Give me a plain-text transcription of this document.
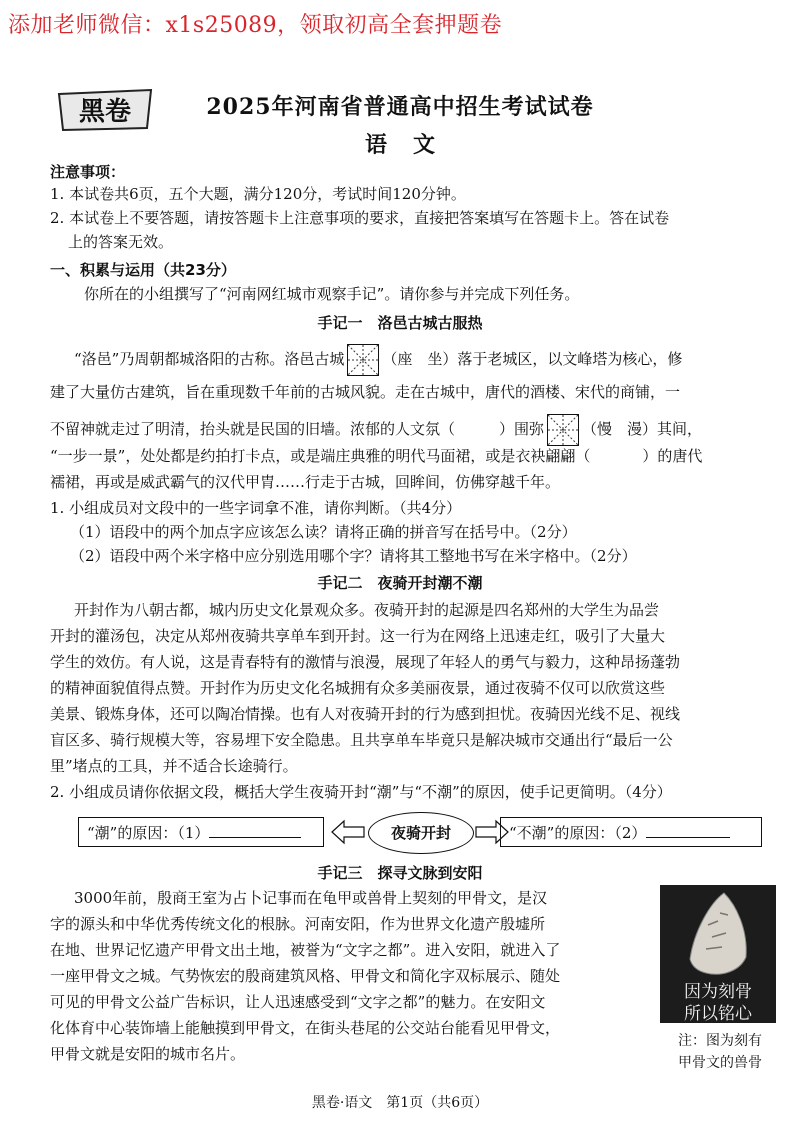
添加老师微信：x1s25089，领取初高全套押题卷
黑卷	2025年河南省普通高中招生考试试卷
语文
注意事项：
1. 本试卷共6页，五个大题，满分120分，考试时间120分钟。
2. 本试卷上不要答题，请按答题卡上注意事项的要求，直接把答案填写在答题卡上。答在试卷
上的答案无效。
一、积累与运用（共23分）
你所在的小组撰写了“河南网红城市观察手记”。请你参与并完成下列任务。
手记一　洛邑古城古服热
“洛邑”乃周朝都城洛阳的古称。洛邑古城	（座　坐）落于老城区，以文峰塔为核心，修
建了大量仿古建筑，旨在重现数千年前的古城风貌。走在古城中，唐代的酒楼、宋代的商铺，一
不留神就走过了明清，抬头就是民国的旧墙。浓郁的人文氛（	）围弥	（慢　漫）其间，
“一步一景”，处处都是约拍打卡点，或是端庄典雅的明代马面裙，或是衣袂翩翩（	）的唐代
襦裙，再或是威武霸气的汉代甲胄……行走于古城，回眸间，仿佛穿越千年。
1. 小组成员对文段中的一些字词拿不准，请你判断。（共4分）
（1）语段中的两个加点字应该怎么读？请将正确的拼音写在括号中。（2分）
（2）语段中两个米字格中应分别选用哪个字？请将其工整地书写在米字格中。（2分）
手记二　夜骑开封潮不潮
开封作为八朝古都，城内历史文化景观众多。夜骑开封的起源是四名郑州的大学生为品尝
开封的灌汤包，决定从郑州夜骑共享单车到开封。这一行为在网络上迅速走红，吸引了大量大
学生的效仿。有人说，这是青春特有的激情与浪漫，展现了年轻人的勇气与毅力，这种昂扬蓬勃
的精神面貌值得点赞。开封作为历史文化名城拥有众多美丽夜景，通过夜骑不仅可以欣赏这些
美景、锻炼身体，还可以陶冶情操。也有人对夜骑开封的行为感到担忧。夜骑因光线不足、视线
盲区多、骑行规模大等，容易埋下安全隐患。且共享单车毕竟只是解决城市交通出行“最后一公
里”堵点的工具，并不适合长途骑行。
2. 小组成员请你依据文段，概括大学生夜骑开封“潮”与“不潮”的原因，使手记更简明。（4分）
“潮”的原因：（1）	夜骑开封	“不潮”的原因：（2）
手记三　探寻文脉到安阳
3000年前，殷商王室为占卜记事而在龟甲或兽骨上契刻的甲骨文，是汉
字的源头和中华优秀传统文化的根脉。河南安阳，作为世界文化遗产殷墟所
在地、世界记忆遗产甲骨文出土地，被誉为“文字之都”。进入安阳，就进入了
一座甲骨文之城。气势恢宏的殷商建筑风格、甲骨文和简化字双标展示、随处
可见的甲骨文公益广告标识，让人迅速感受到“文字之都”的魅力。在安阳文
化体育中心装饰墙上能触摸到甲骨文，在街头巷尾的公交站台能看见甲骨文，
甲骨文就是安阳的城市名片。
因为刻骨
所以铭心
注：图为刻有
甲骨文的兽骨
黑卷·语文　第1页（共6页）
